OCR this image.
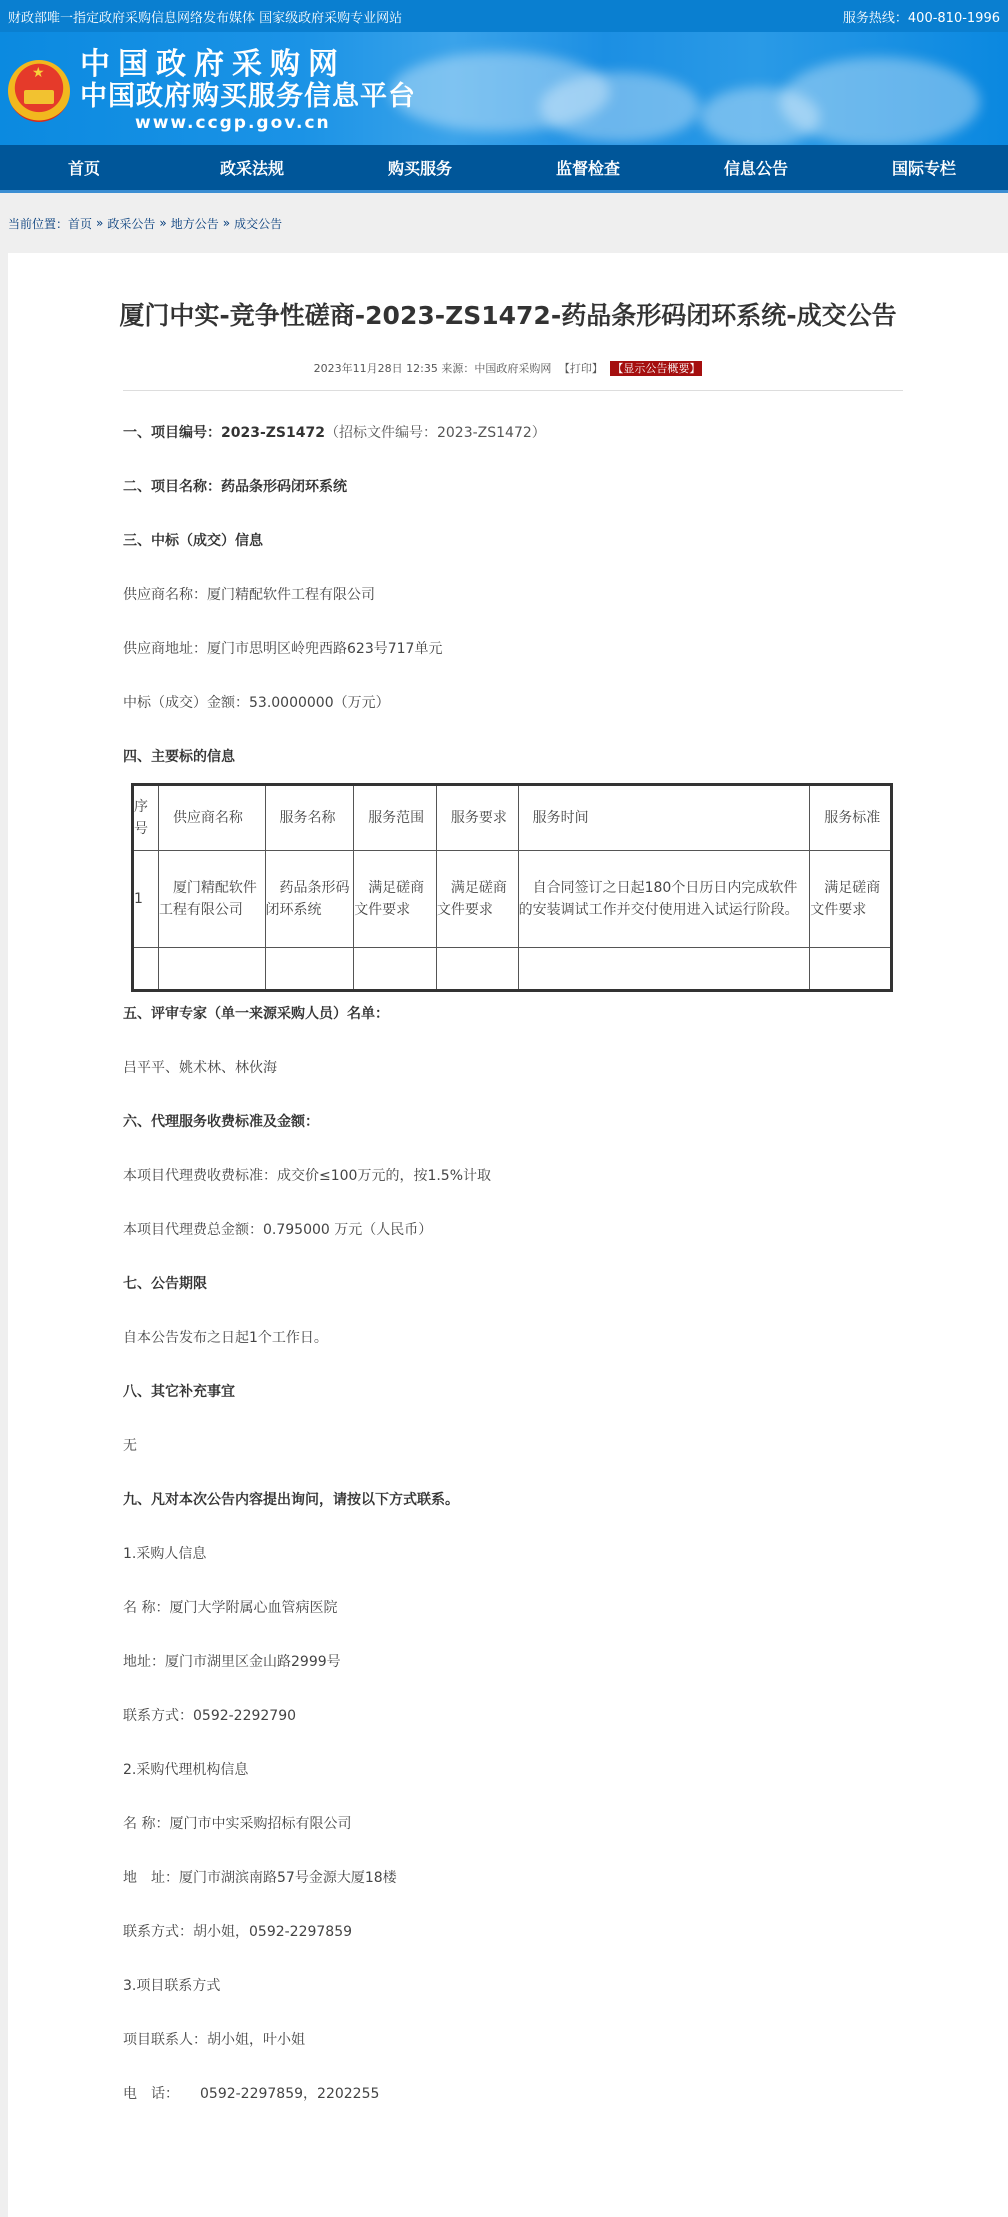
财政部唯一指定政府采购信息网络发布媒体 国家级政府采购专业网站	服务热线：400-810-1996
★ 中国政府采购网
中国政府购买服务信息平台
www.ccgp.gov.cn
首页	政采法规	购买服务	监督检查	信息公告	国际专栏
当前位置： 首页 » 政采公告 » 地方公告 » 成交公告
厦门中实-竞争性磋商-2023-ZS1472-药品条形码闭环系统-成交公告
2023年11月28日 12:35 来源：中国政府采购网 【打印】 【显示公告概要】
一、项目编号：2023-ZS1472（招标文件编号：2023-ZS1472）
二、项目名称：药品条形码闭环系统
三、中标（成交）信息
供应商名称：厦门精配软件工程有限公司
供应商地址：厦门市思明区岭兜西路623号717单元
中标（成交）金额：53.0000000（万元）
四、主要标的信息
序号	供应商名称	服务名称	服务范围	服务要求	服务时间	服务标准
1	厦门精配软件工程有限公司	药品条形码闭环系统	满足磋商文件要求	满足磋商文件要求	自合同签订之日起180个日历日内完成软件的安装调试工作并交付使用进入试运行阶段。	满足磋商文件要求

五、评审专家（单一来源采购人员）名单：
吕平平、姚术林、林伙海
六、代理服务收费标准及金额：
本项目代理费收费标准：成交价≤100万元的，按1.5%计取
本项目代理费总金额：0.795000 万元（人民币）
七、公告期限
自本公告发布之日起1个工作日。
八、其它补充事宜
无
九、凡对本次公告内容提出询问，请按以下方式联系。
1.采购人信息
名 称：厦门大学附属心血管病医院
地址：厦门市湖里区金山路2999号
联系方式：0592-2292790
2.采购代理机构信息
名 称：厦门市中实采购招标有限公司
地　址：厦门市湖滨南路57号金源大厦18楼
联系方式：胡小姐，0592-2297859
3.项目联系方式
项目联系人：胡小姐，叶小姐
电　话：　　0592-2297859，2202255
